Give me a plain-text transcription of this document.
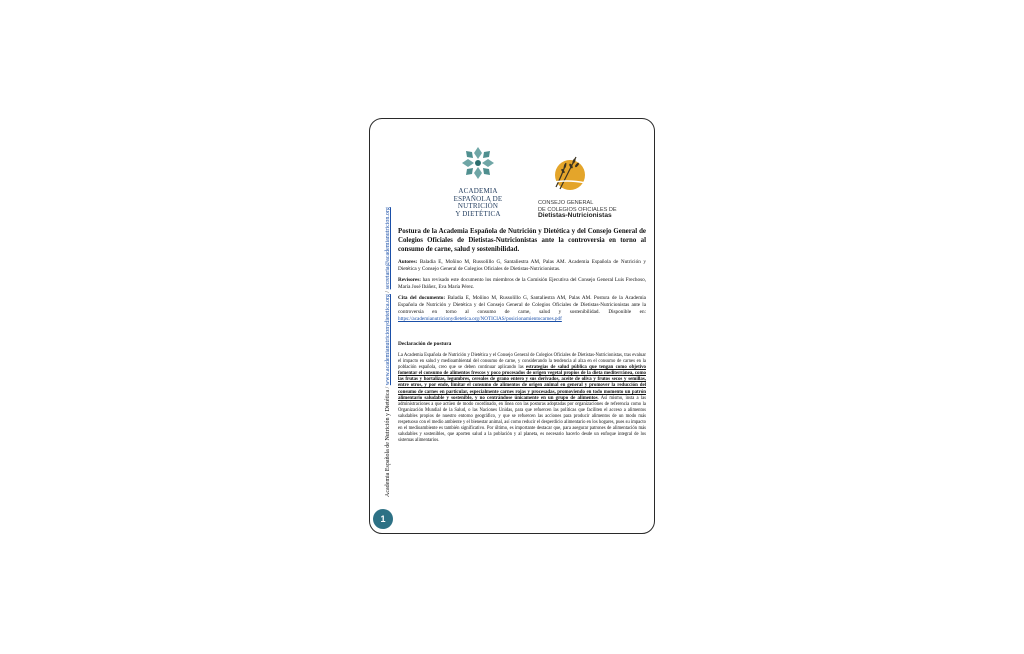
Academia Española de Nutrición y Dietética / www.academianutricionydietetica.org / secretaria@academianutricion.org
ACADEMIA
ESPAÑOLA DE
NUTRICIÓN
Y DIETÉTICA
CONSEJO GENERAL
DE COLEGIOS OFICIALES DE
Dietistas-Nutricionistas

Postura de la Academia Española de Nutrición y Dietética y del Consejo General de Colegios Oficiales de Dietistas-Nutricionistas ante la controversia en torno al consumo de carne, salud y sostenibilidad.

Autores: Baladia E, Moñino M, Russolillo G, Santaliestra AM, Palas AM. Academia Española de Nutrición y Dietética y Consejo General de Colegios Oficiales de Dietistas-Nutricionistas.

Revisores: han revisado este documento los miembros de la Comisión Ejecutiva del Consejo General Luis Frechoso, María José Ibáñez, Eva María Pérez.

Cita del documento: Baladia E, Moñino M, Russolillo G, Santaliestra AM, Palas AM. Postura de la Academia Española de Nutrición y Dietética y del Consejo General de Colegios Oficiales de Dietistas-Nutricionistas ante la controversia en torno al consumo de carne, salud y sostenibilidad. Disponible en: https://academianutricionydietetica.org/NOTICIAS/posicionamientocarnes.pdf

Declaración de postura
La Academia Española de Nutrición y Dietética y el Consejo General de Colegios Oficiales de Dietistas-Nutricionistas, tras evaluar el impacto en salud y medioambiental del consumo de carne, y considerando la tendencia al alza en el consumo de carnes en la población española, creo que se deben continuar aplicando las estrategias de salud pública que tengan como objetivo fomentar el consumo de alimentos frescos y poco procesados de origen vegetal propios de la dieta mediterránea, como las frutas y hortalizas, legumbres, cereales de grano entero y sus derivados, aceite de oliva y frutos secos y semillas, entre otros, y por ende, limitar el consumo de alimentos de origen animal en general y promover la reducción del consumo de carnes en particular, especialmente carnes rojas y procesadas, promoviendo en todo momento un patrón alimentario saludable y sostenible, y no centrándose únicamente en un grupo de alimentos. Así mismo, insta a las administraciones a que actúen de modo coordinado, en línea con las posturas adoptadas por organizaciones de referencia como la Organización Mundial de la Salud, o las Naciones Unidas, para que refuercen las políticas que faciliten el acceso a alimentos saludables propios de nuestro entorno geográfico, y que se refuercen las acciones para producir alimentos de un modo más respetuoso con el medio ambiente y el bienestar animal, así como reducir el desperdicio alimentario en los hogares, pues su impacto en el medioambiente es también significativo. Por último, es importante destacar que, para asegurar patrones de alimentación más saludables y sostenibles, que aporten salud a la población y al planeta, es necesario hacerlo desde un enfoque integral de los sistemas alimentarios.
1
